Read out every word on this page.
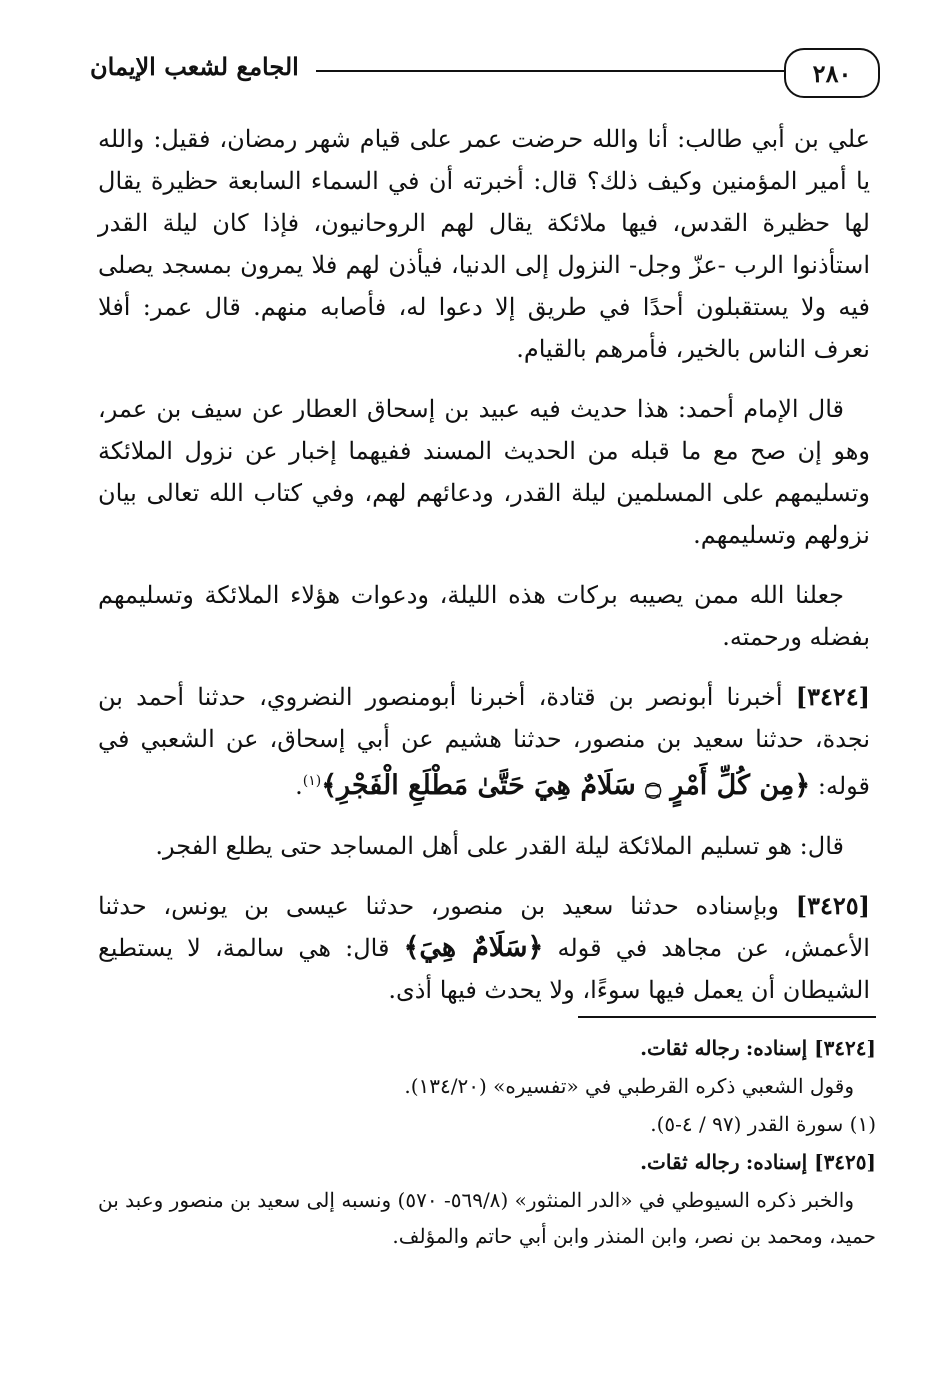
٢٨٠
الجامع لشعب الإيمان

علي بن أبي طالب: أنا والله حرضت عمر على قيام شهر رمضان، فقيل: والله يا أمير المؤمنين وكيف ذلك؟ قال: أخبرته أن في السماء السابعة حظيرة يقال لها حظيرة القدس، فيها ملائكة يقال لهم الروحانيون، فإذا كان ليلة القدر استأذنوا الرب -عزّ وجل- النزول إلى الدنيا، فيأذن لهم فلا يمرون بمسجد يصلى فيه ولا يستقبلون أحدًا في طريق إلا دعوا له، فأصابه منهم. قال عمر: أفلا نعرف الناس بالخير، فأمرهم بالقيام.

قال الإمام أحمد: هذا حديث فيه عبيد بن إسحاق العطار عن سيف بن عمر، وهو إن صح مع ما قبله من الحديث المسند ففيهما إخبار عن نزول الملائكة وتسليمهم على المسلمين ليلة القدر، ودعائهم لهم، وفي كتاب الله تعالى بيان نزولهم وتسليمهم.

جعلنا الله ممن يصيبه بركات هذه الليلة، ودعوات هؤلاء الملائكة وتسليمهم بفضله ورحمته.

[٣٤٢٤] أخبرنا أبونصر بن قتادة، أخبرنا أبومنصور النضروي، حدثنا أحمد بن نجدة، حدثنا سعيد بن منصور، حدثنا هشيم عن أبي إسحاق، عن الشعبي في قوله: ﴿مِن كُلِّ أَمْرٍ ۝ سَلَامٌ هِيَ حَتَّىٰ مَطْلَعِ الْفَجْرِ﴾$^{(١)}$.

قال: هو تسليم الملائكة ليلة القدر على أهل المساجد حتى يطلع الفجر.

[٣٤٢٥] وبإسناده حدثنا سعيد بن منصور، حدثنا عيسى بن يونس، حدثنا الأعمش، عن مجاهد في قوله ﴿سَلَامٌ هِيَ﴾ قال: هي سالمة، لا يستطيع الشيطان أن يعمل فيها سوءًا، ولا يحدث فيها أذى.

[٣٤٢٤] إسناده: رجاله ثقات.

وقول الشعبي ذكره القرطبي في «تفسيره» (١٣٤/٢٠).

(١) سورة القدر (٩٧ / ٤-٥).

[٣٤٢٥] إسناده: رجاله ثقات.

والخبر ذكره السيوطي في «الدر المنثور» (٥٦٩/٨- ٥٧٠) ونسبه إلى سعيد بن منصور وعبد بن حميد، ومحمد بن نصر، وابن المنذر وابن أبي حاتم والمؤلف.
